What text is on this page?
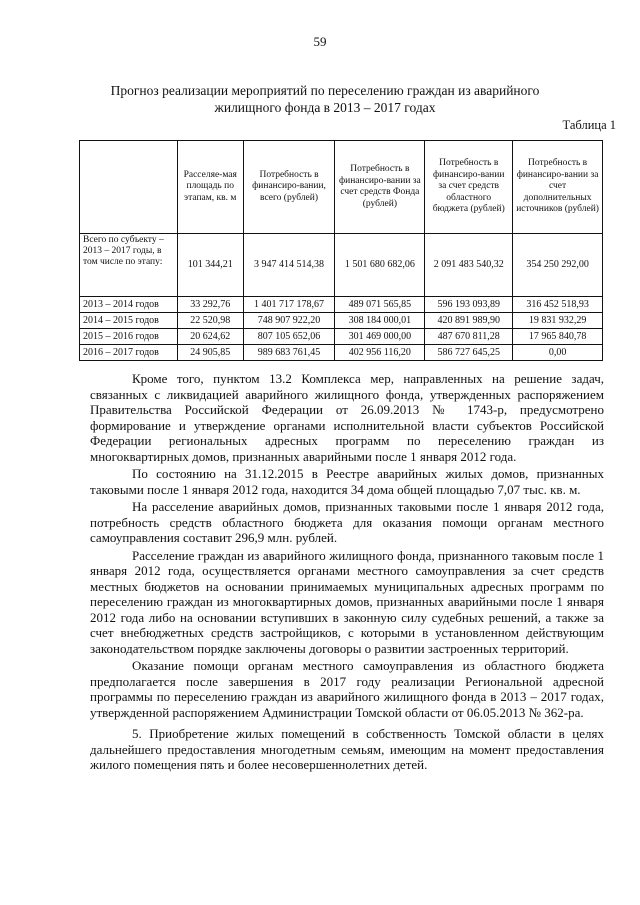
59
Прогноз реализации мероприятий по переселению граждан из аварийного жилищного фонда в 2013 – 2017 годах
Таблица 1
	Расселяе-мая площадь по этапам, кв. м	Потребность в финансиро-вании, всего (рублей)	Потребность в финансиро-вании за счет средств Фонда (рублей)	Потребность в финансиро-вании за счет средств областного бюджета (рублей)	Потребность в финансиро-вании за счет дополнительных источников (рублей)
Всего по субъекту – 2013 – 2017 годы, в том числе по этапу:	101 344,21	3 947 414 514,38	1 501 680 682,06	2 091 483 540,32	354 250 292,00
2013 – 2014 годов	33 292,76	1 401 717 178,67	489 071 565,85	596 193 093,89	316 452 518,93
2014 – 2015 годов	22 520,98	748 907 922,20	308 184 000,01	420 891 989,90	19 831 932,29
2015 – 2016 годов	20 624,62	807 105 652,06	301 469 000,00	487 670 811,28	17 965 840,78
2016 – 2017 годов	24 905,85	989 683 761,45	402 956 116,20	586 727 645,25	0,00

Кроме того, пунктом 13.2 Комплекса мер, направленных на решение задач, связанных с ликвидацией аварийного жилищного фонда, утвержденных распоряжением Правительства Российской Федерации от 26.09.2013 № 1743-р, предусмотрено формирование и утверждение органами исполнительной власти субъектов Российской Федерации региональных адресных программ по переселению граждан из многоквартирных домов, признанных аварийными после 1 января 2012 года.

По состоянию на 31.12.2015 в Реестре аварийных жилых домов, признанных таковыми после 1 января 2012 года, находится 34 дома общей площадью 7,07 тыс. кв. м.

На расселение аварийных домов, признанных таковыми после 1 января 2012 года, потребность средств областного бюджета для оказания помощи органам местного самоуправления составит 296,9 млн. рублей.

Расселение граждан из аварийного жилищного фонда, признанного таковым после 1 января 2012 года, осуществляется органами местного самоуправления за счет средств местных бюджетов на основании принимаемых муниципальных адресных программ по переселению граждан из многоквартирных домов, признанных аварийными после 1 января 2012 года либо на основании вступивших в законную силу судебных решений, а также за счет внебюджетных средств застройщиков, с которыми в установленном действующим законодательством порядке заключены договоры о развитии застроенных территорий.

Оказание помощи органам местного самоуправления из областного бюджета предполагается после завершения в 2017 году реализации Региональной адресной программы по переселению граждан из аварийного жилищного фонда в 2013 – 2017 годах, утвержденной распоряжением Администрации Томской области от 06.05.2013 № 362-ра.

5. Приобретение жилых помещений в собственность Томской области в целях дальнейшего предоставления многодетным семьям, имеющим на момент предоставления жилого помещения пять и более несовершеннолетних детей.
